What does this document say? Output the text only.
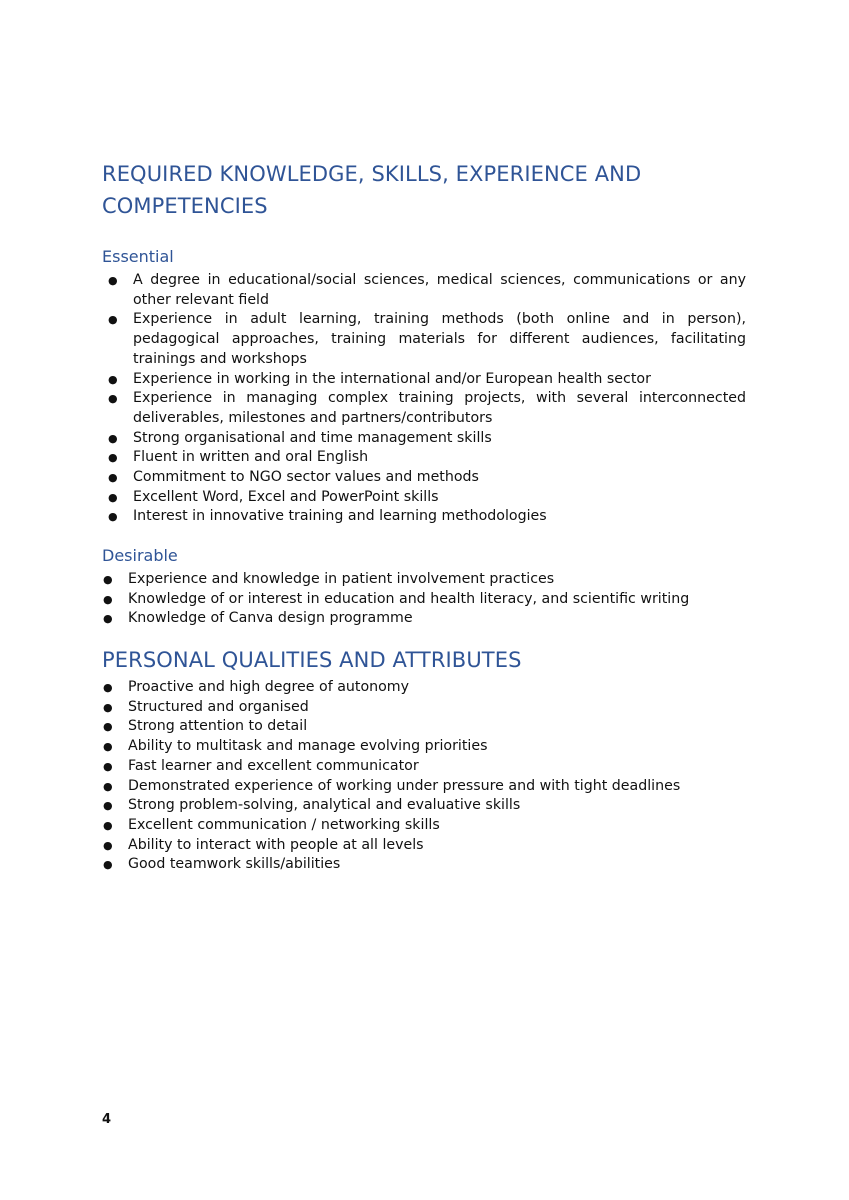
REQUIRED KNOWLEDGE, SKILLS, EXPERIENCE AND COMPETENCIES
Essential
● A degree in educational/social sciences, medical sciences, communications or any other relevant field
● Experience in adult learning, training methods (both online and in person), pedagogical approaches, training materials for different audiences, facilitating trainings and workshops
● Experience in working in the international and/or European health sector
● Experience in managing complex training projects, with several interconnected deliverables, milestones and partners/contributors
● Strong organisational and time management skills
● Fluent in written and oral English
● Commitment to NGO sector values and methods
● Excellent Word, Excel and PowerPoint skills
● Interest in innovative training and learning methodologies
Desirable
● Experience and knowledge in patient involvement practices
● Knowledge of or interest in education and health literacy, and scientific writing
● Knowledge of Canva design programme
PERSONAL QUALITIES AND ATTRIBUTES
● Proactive and high degree of autonomy
● Structured and organised
● Strong attention to detail
● Ability to multitask and manage evolving priorities
● Fast learner and excellent communicator
● Demonstrated experience of working under pressure and with tight deadlines
● Strong problem-solving, analytical and evaluative skills
● Excellent communication / networking skills
● Ability to interact with people at all levels
● Good teamwork skills/abilities
4
